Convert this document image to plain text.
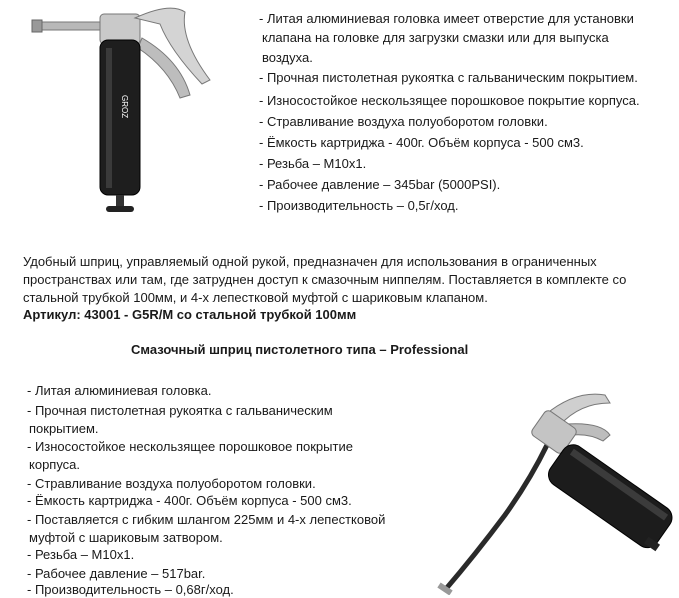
GROZ
- Литая алюминиевая головка имеет отверстие для установки
клапана на головке для загрузки смазки или для выпуска
воздуха.
- Прочная пистолетная рукоятка с гальваническим покрытием.
- Износостойкое нескользящее порошковое покрытие корпуса.
- Стравливание воздуха полуоборотом головки.
- Ёмкость картриджа - 400г. Объём корпуса - 500 см3.
- Резьба – M10x1.
- Рабочее давление – 345bar (5000PSI).
- Производительность – 0,5г/ход.
Удобный шприц, управляемый одной рукой, предназначен для использования в ограниченных
пространствах или там, где затруднен доступ к смазочным ниппелям. Поставляется в комплекте со
стальной трубкой 100мм, и 4-х лепестковой муфтой с шариковым клапаном.
Артикул: 43001 - G5R/M со стальной трубкой 100мм
Смазочный шприц пистолетного типа – Professional
- Литая алюминиевая головка.
- Прочная пистолетная рукоятка с гальваническим
покрытием.
- Износостойкое нескользящее порошковое покрытие
корпуса.
- Стравливание воздуха полуоборотом головки.
- Ёмкость картриджа - 400г. Объём корпуса - 500 см3.
- Поставляется с гибким шлангом 225мм и 4-х лепестковой
муфтой с шариковым затвором.
- Резьба – M10x1.
- Рабочее давление – 517bar.
- Производительность – 0,68г/ход.
